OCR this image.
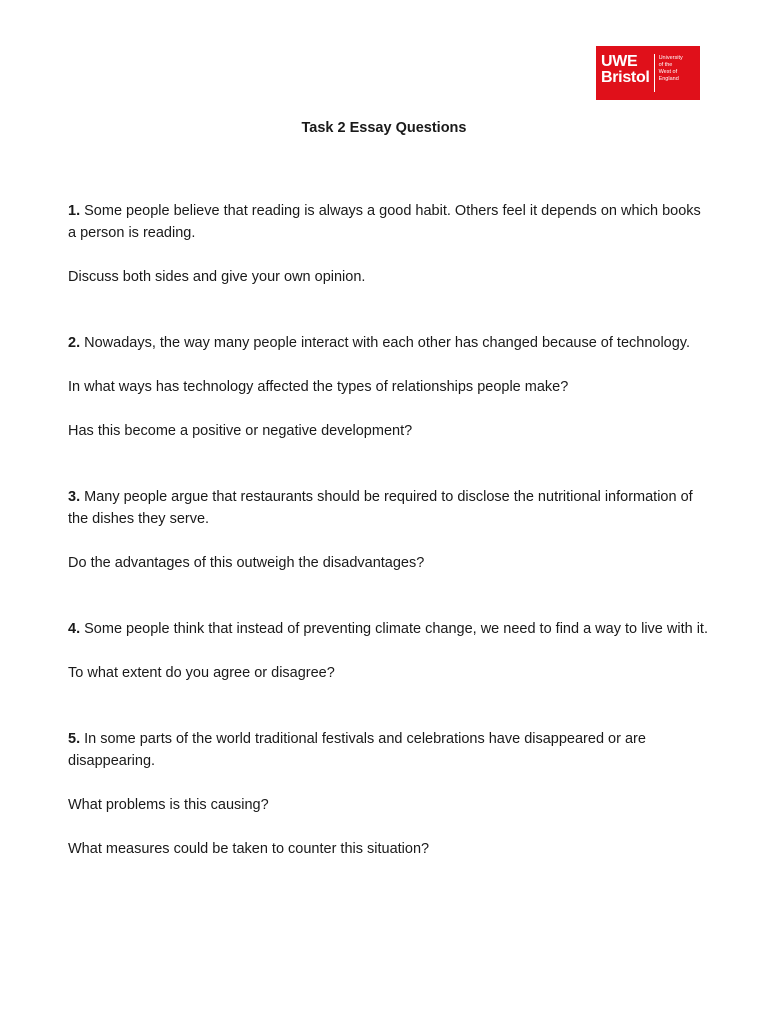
UWE
Bristol
University
of the
West of
England
Task 2 Essay Questions

1. Some people believe that reading is always a good habit. Others feel it depends on which books a person is reading.

Discuss both sides and give your own opinion.

2. Nowadays, the way many people interact with each other has changed because of technology.

In what ways has technology affected the types of relationships people make?

Has this become a positive or negative development?

3. Many people argue that restaurants should be required to disclose the nutritional information of the dishes they serve.

Do the advantages of this outweigh the disadvantages?

4. Some people think that instead of preventing climate change, we need to find a way to live with it.

To what extent do you agree or disagree?

5. In some parts of the world traditional festivals and celebrations have disappeared or are disappearing.

What problems is this causing?

What measures could be taken to counter this situation?
